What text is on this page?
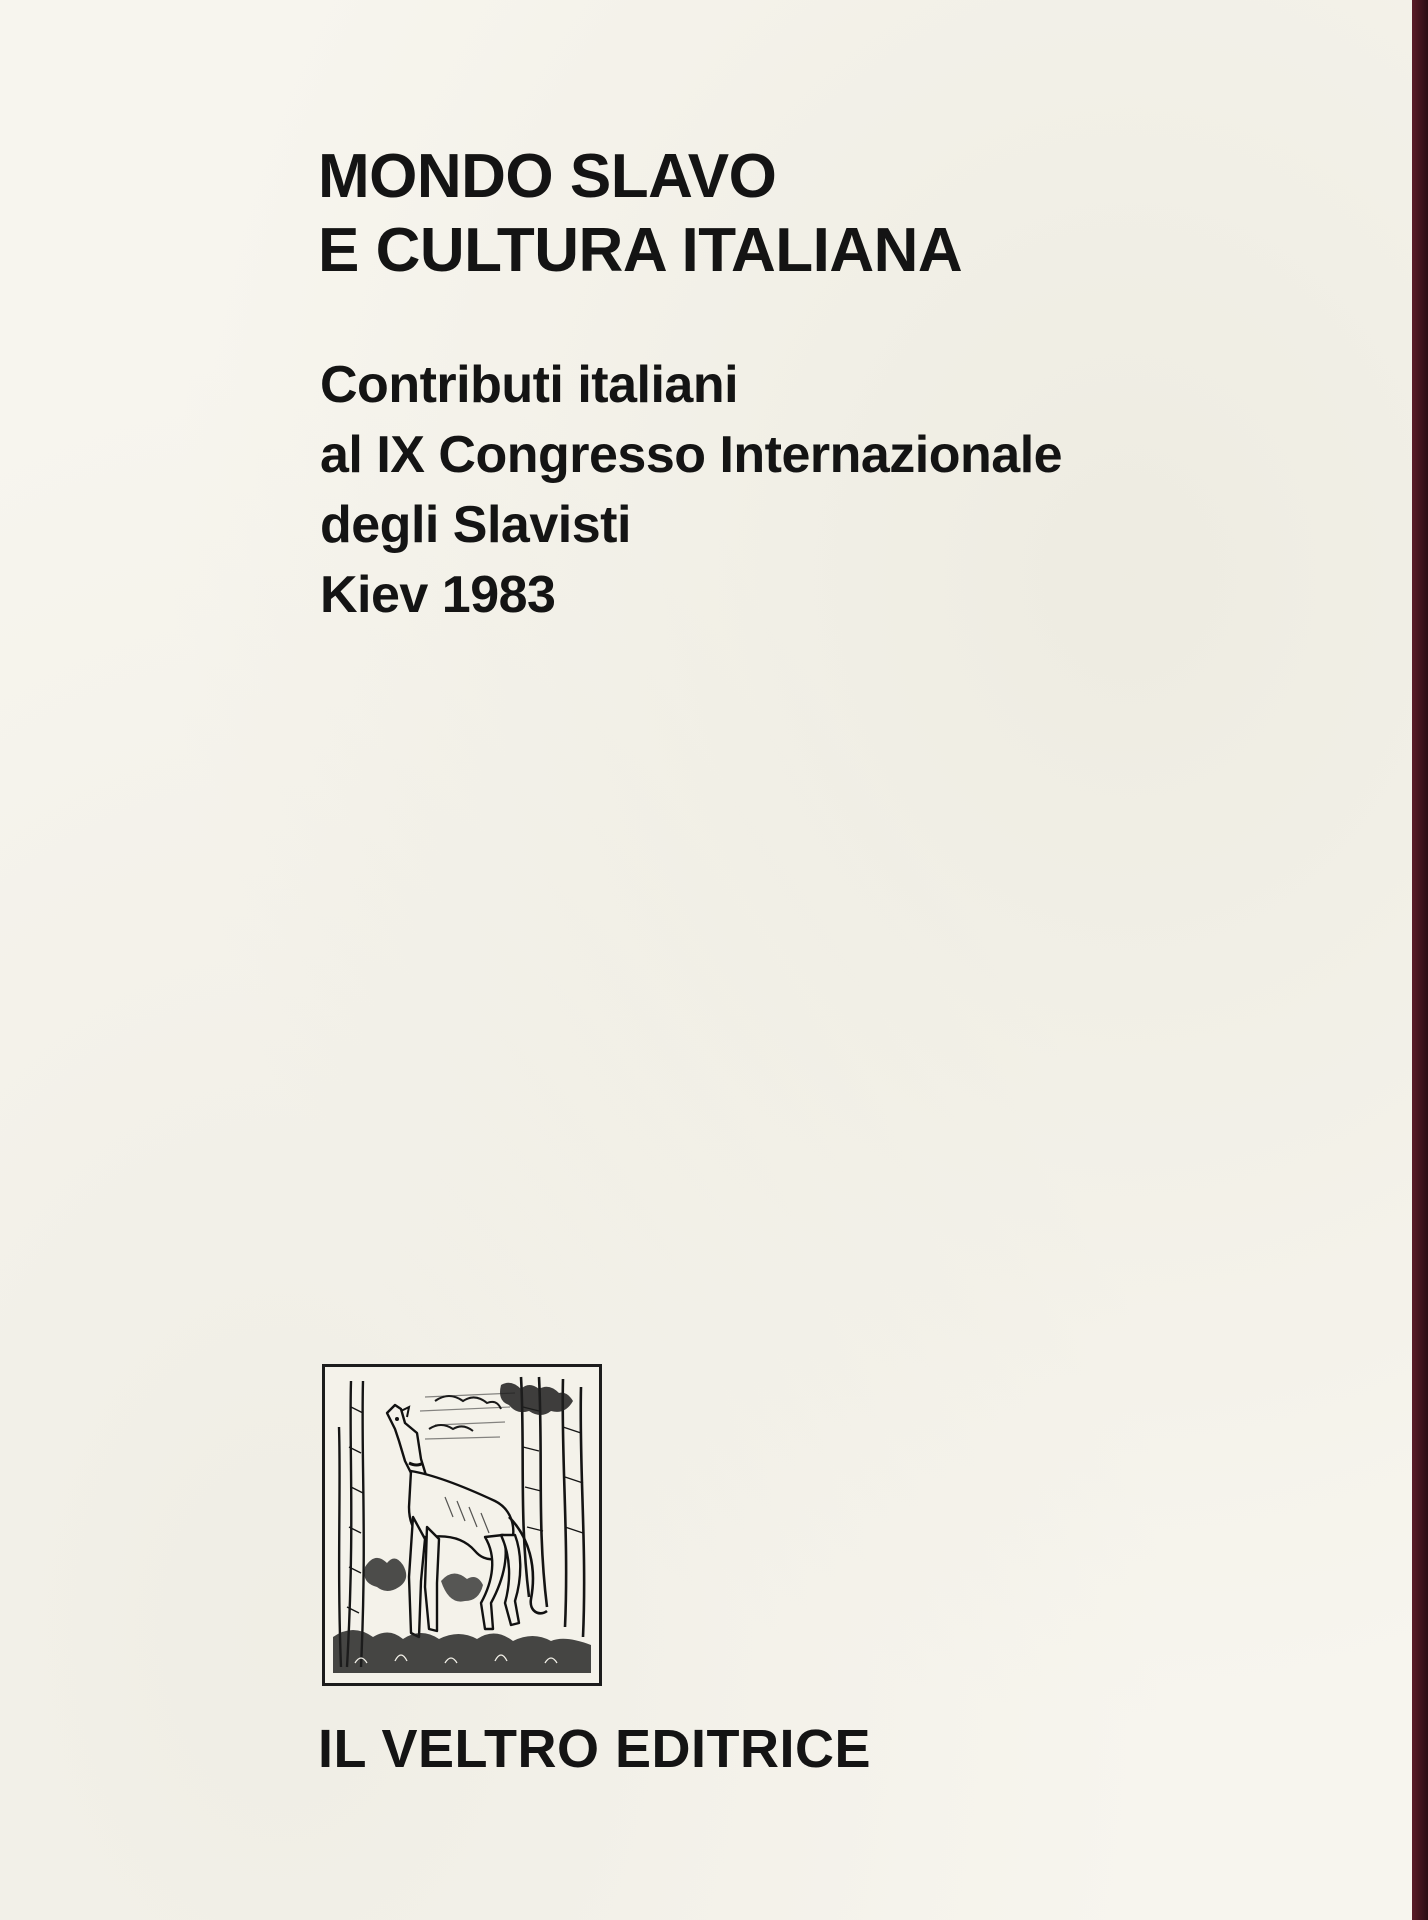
MONDO SLAVO
E CULTURA ITALIANA
Contributi italiani
al IX Congresso Internazionale
degli Slavisti
Kiev 1983
IL VELTRO EDITRICE
